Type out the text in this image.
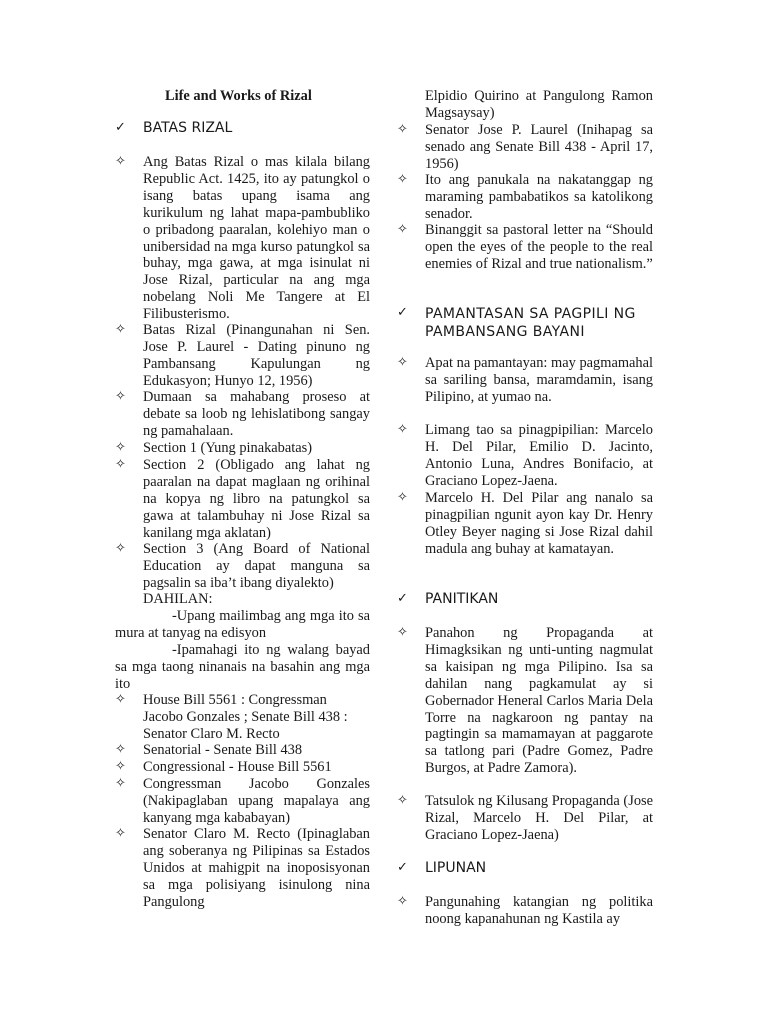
Life and Works of Rizal
✓	BATAS RIZAL
✧	Ang Batas Rizal o mas kilala bilang Republic Act. 1425, ito ay patungkol o isang batas upang isama ang kurikulum ng lahat mapa-pambubliko o pribadong paaralan, kolehiyo man o unibersidad na mga kurso patungkol sa buhay, mga gawa, at mga isinulat ni Jose Rizal, particular na ang mga nobelang Noli Me Tangere at El Filibusterismo.
✧	Batas Rizal (Pinangunahan ni Sen. Jose P. Laurel - Dating pinuno ng Pambansang Kapulungan ng Edukasyon; Hunyo 12, 1956)
✧	Dumaan sa mahabang proseso at debate sa loob ng lehislatibong sangay ng pamahalaan.
✧	Section 1 (Yung pinakabatas)
✧	Section 2 (Obligado ang lahat ng paaralan na dapat maglaan ng orihinal na kopya ng libro na patungkol sa gawa at talambuhay ni Jose Rizal sa kanilang mga aklatan)
✧	Section 3 (Ang Board of National Education ay dapat manguna sa pagsalin sa iba’t ibang diyalekto)
DAHILAN:
-Upang mailimbag ang mga ito sa mura at tanyag na edisyon
-Ipamahagi ito ng walang bayad sa mga taong ninanais na basahin ang mga ito
✧	House Bill 5561 : Congressman Jacobo Gonzales ; Senate Bill 438 : Senator Claro M. Recto
✧	Senatorial - Senate Bill 438
✧	Congressional - House Bill 5561
✧	Congressman Jacobo Gonzales (Nakipaglaban upang mapalaya ang kanyang mga kababayan)
✧	Senator Claro M. Recto (Ipinaglaban ang soberanya ng Pilipinas sa Estados Unidos at mahigpit na inoposisyonan sa mga polisiyang isinulong nina Pangulong
Elpidio Quirino at Pangulong Ramon Magsaysay)
✧	Senator Jose P. Laurel (Inihapag sa senado ang Senate Bill 438 - April 17, 1956)
✧	Ito ang panukala na nakatanggap ng maraming pambabatikos sa katolikong senador.
✧	Binanggit sa pastoral letter na “Should open the eyes of the people to the real enemies of Rizal and true nationalism.”
✓	PAMANTASAN SA PAGPILI NG PAMBANSANG BAYANI
✧	Apat na pamantayan: may pagmamahal sa sariling bansa, maramdamin, isang Pilipino, at yumao na.
✧	Limang tao sa pinagpipilian: Marcelo H. Del Pilar, Emilio D. Jacinto, Antonio Luna, Andres Bonifacio, at Graciano Lopez-Jaena.
✧	Marcelo H. Del Pilar ang nanalo sa pinagpilian ngunit ayon kay Dr. Henry Otley Beyer naging si Jose Rizal dahil madula ang buhay at kamatayan.
✓	PANITIKAN
✧	Panahon ng Propaganda at Himagksikan ng unti-unting nagmulat sa kaisipan ng mga Pilipino. Isa sa dahilan nang pagkamulat ay si Gobernador Heneral Carlos Maria Dela Torre na nagkaroon ng pantay na pagtingin sa mamamayan at paggarote sa tatlong pari (Padre Gomez, Padre Burgos, at Padre Zamora).
✧	Tatsulok ng Kilusang Propaganda (Jose Rizal, Marcelo H. Del Pilar, at Graciano Lopez-Jaena)
✓	LIPUNAN
✧	Pangunahing katangian ng politika noong kapanahunan ng Kastila ay
